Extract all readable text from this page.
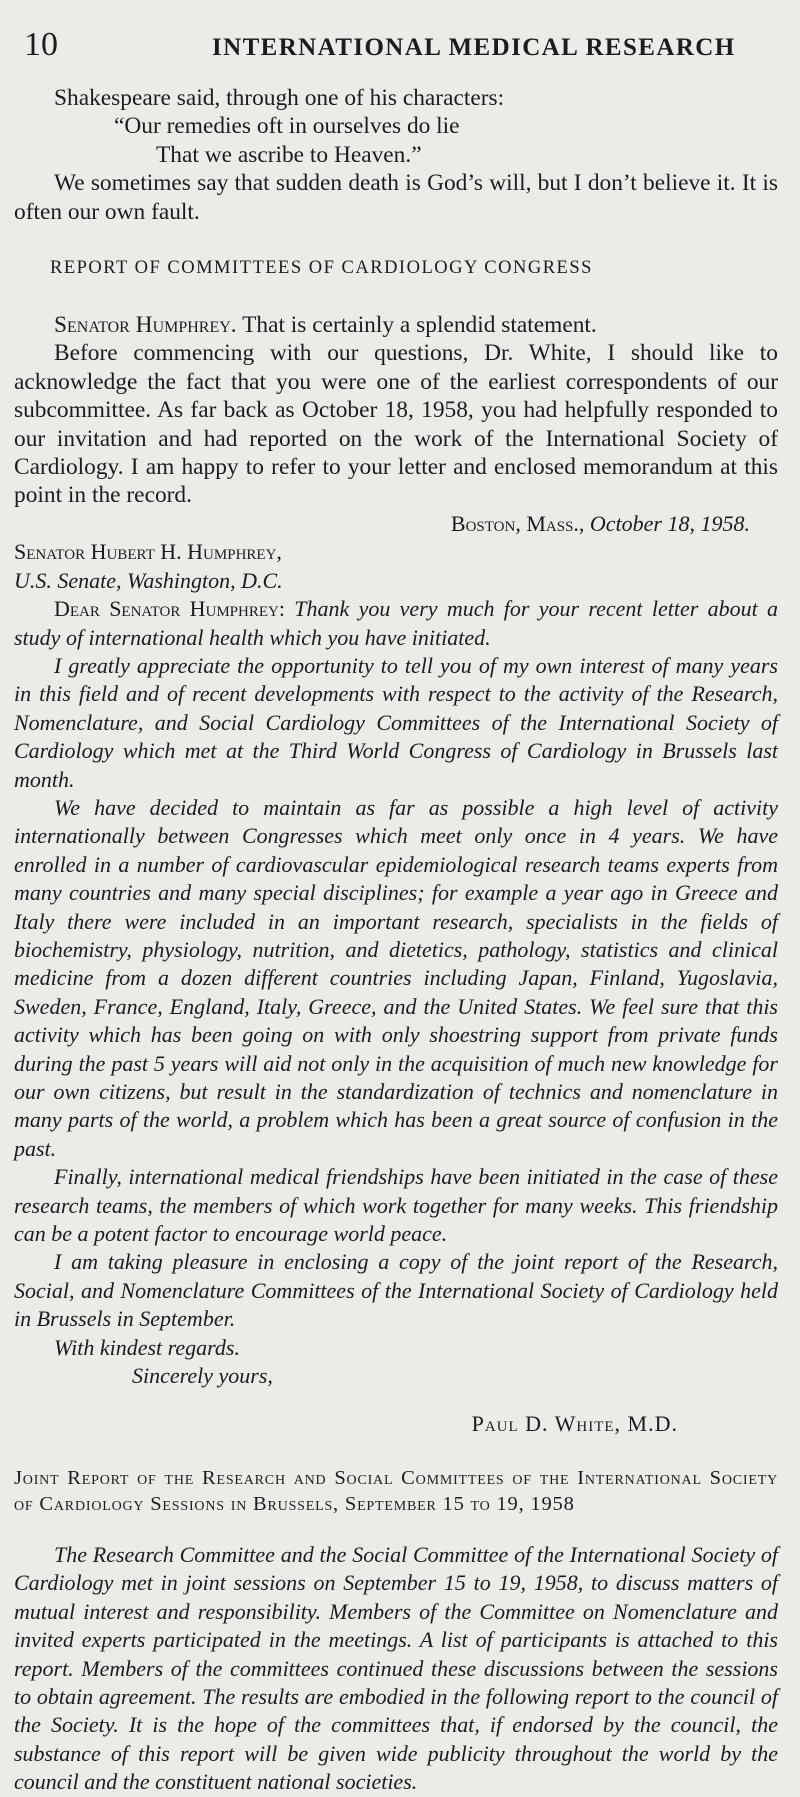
10	INTERNATIONAL MEDICAL RESEARCH

Shakespeare said, through one of his characters:

“Our remedies oft in ourselves do lie

That we ascribe to Heaven.”

We sometimes say that sudden death is God’s will, but I don’t believe it. It is often our own fault.

REPORT OF COMMITTEES OF CARDIOLOGY CONGRESS

Senator Humphrey. That is certainly a splendid statement.

Before commencing with our questions, Dr. White, I should like to acknowledge the fact that you were one of the earliest correspondents of our subcommittee. As far back as October 18, 1958, you had helpfully responded to our invitation and had reported on the work of the International Society of Cardiology. I am happy to refer to your letter and enclosed memorandum at this point in the record.

Boston, Mass., October 18, 1958.

Senator Hubert H. Humphrey,

U.S. Senate, Washington, D.C.

Dear Senator Humphrey: Thank you very much for your recent letter about a study of international health which you have initiated.

I greatly appreciate the opportunity to tell you of my own interest of many years in this field and of recent developments with respect to the activity of the Research, Nomenclature, and Social Cardiology Committees of the International Society of Cardiology which met at the Third World Congress of Cardiology in Brussels last month.

We have decided to maintain as far as possible a high level of activity internationally between Congresses which meet only once in 4 years. We have enrolled in a number of cardiovascular epidemiological research teams experts from many countries and many special disciplines; for example a year ago in Greece and Italy there were included in an important research, specialists in the fields of biochemistry, physiology, nutrition, and dietetics, pathology, statistics and clinical medicine from a dozen different countries including Japan, Finland, Yugoslavia, Sweden, France, England, Italy, Greece, and the United States. We feel sure that this activity which has been going on with only shoestring support from private funds during the past 5 years will aid not only in the acquisition of much new knowledge for our own citizens, but result in the standardization of technics and nomenclature in many parts of the world, a problem which has been a great source of confusion in the past.

Finally, international medical friendships have been initiated in the case of these research teams, the members of which work together for many weeks. This friendship can be a potent factor to encourage world peace.

I am taking pleasure in enclosing a copy of the joint report of the Research, Social, and Nomenclature Committees of the International Society of Cardiology held in Brussels in September.

With kindest regards.

Sincerely yours,

Paul D. White, M.D.

Joint Report of the Research and Social Committees of the International Society of Cardiology Sessions in Brussels, September 15 to 19, 1958

The Research Committee and the Social Committee of the International Society of Cardiology met in joint sessions on September 15 to 19, 1958, to discuss matters of mutual interest and responsibility. Members of the Committee on Nomenclature and invited experts participated in the meetings. A list of participants is attached to this report. Members of the committees continued these discussions between the sessions to obtain agreement. The results are embodied in the following report to the council of the Society. It is the hope of the committees that, if endorsed by the council, the substance of this report will be given wide publicity throughout the world by the council and the constituent national societies.
